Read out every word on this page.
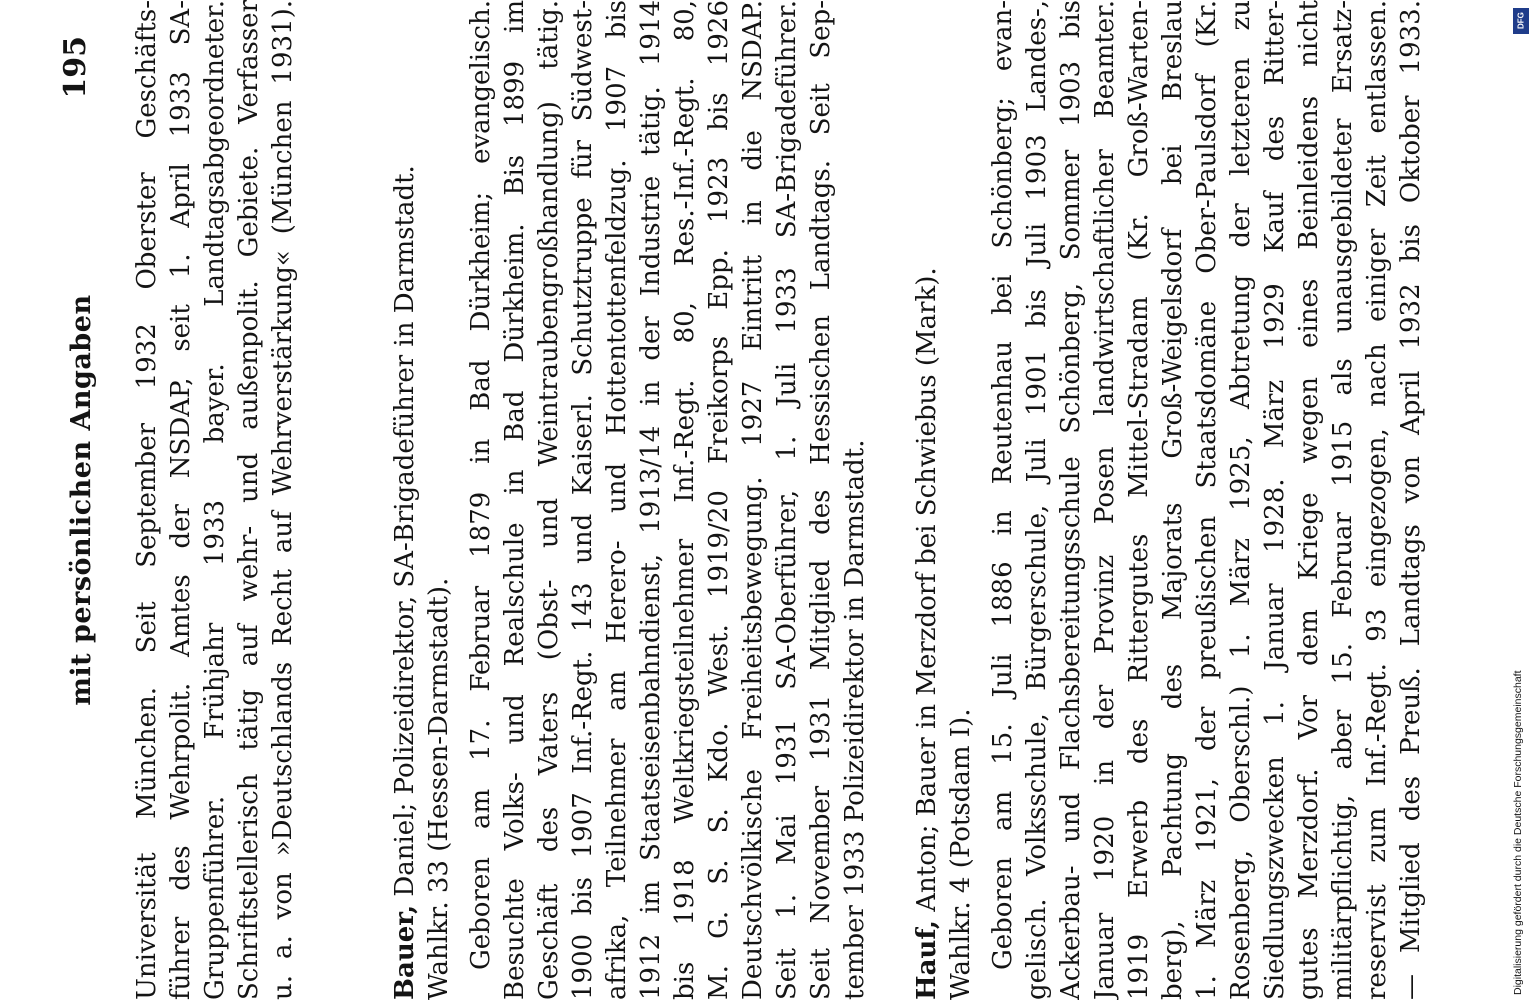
mit persönlichen Angaben
195 Universität München. Seit September 1932 Oberster Geschäfts- führer des Wehrpolit. Amtes der NSDAP, seit 1. April 1933 SA- Gruppenführer. Frühjahr 1933 bayer. Landtagsabgeordneter. Schriftstellerisch tätig auf wehr- und außenpolit. Gebiete. Verfasser u. a. von »Deutschlands Recht auf Wehrverstärkung« (München 1931).	Bauer, Daniel; Polizeidirektor, SA-Brigadeführer in Darmstadt. Wahlkr. 33 (Hessen-Darmstadt). Geboren am 17. Februar 1879 in Bad Dürkheim; evangelisch. Besuchte Volks- und Realschule in Bad Dürkheim. Bis 1899 im Geschäft des Vaters (Obst- und Weintraubengroßhandlung) tätig. 1900 bis 1907 Inf.-Regt. 143 und Kaiserl. Schutztruppe für Südwest- afrika, Teilnehmer am Herero- und Hottentottenfeldzug. 1907 bis 1912 im Staatseisenbahndienst, 1913/14 in der Industrie tätig. 1914 bis 1918 Weltkriegsteilnehmer Inf.-Regt. 80, Res.-Inf.-Regt. 80, M. G. S. S. Kdo. West. 1919/20 Freikorps Epp. 1923 bis 1926 Deutschvölkische Freiheitsbewegung. 1927 Eintritt in die NSDAP. Seit 1. Mai 1931 SA-Oberführer, 1. Juli 1933 SA-Brigadeführer. Seit November 1931 Mitglied des Hessischen Landtags. Seit Sep- tember 1933 Polizeidirektor in Darmstadt. Hauf, Anton; Bauer in Merzdorf bei Schwiebus (Mark). Wahlkr. 4 (Potsdam I). Geboren am 15. Juli 1886 in Reutenhau bei Schönberg; evan- gelisch. Volksschule, Bürgerschule, Juli 1901 bis Juli 1903 Landes-, Ackerbau- und Flachsbereitungsschule Schönberg, Sommer 1903 bis Januar 1920 in der Provinz Posen landwirtschaftlicher Beamter. 1919 Erwerb des Rittergutes Mittel-Stradam (Kr. Groß-Warten- berg), Pachtung des Majorats Groß-Weigelsdorf bei Breslau 1. März 1921, der preußischen Staatsdomäne Ober-Paulsdorf (Kr. Rosenberg, Oberschl.) 1. März 1925, Abtretung der letzteren zu Siedlungszwecken 1. Januar 1928. März 1929 Kauf des Ritter- gutes Merzdorf. Vor dem Kriege wegen eines Beinleidens nicht militärpflichtig, aber 15. Februar 1915 als unausgebildeter Ersatz- reservist zum Inf.-Regt. 93 eingezogen, nach einiger Zeit entlassen. — Mitglied des Preuß. Landtags von April 1932 bis Oktober 1933.	DFG
Digitalisierung gefördert durch die Deutsche Forschungsgemeinschaft
